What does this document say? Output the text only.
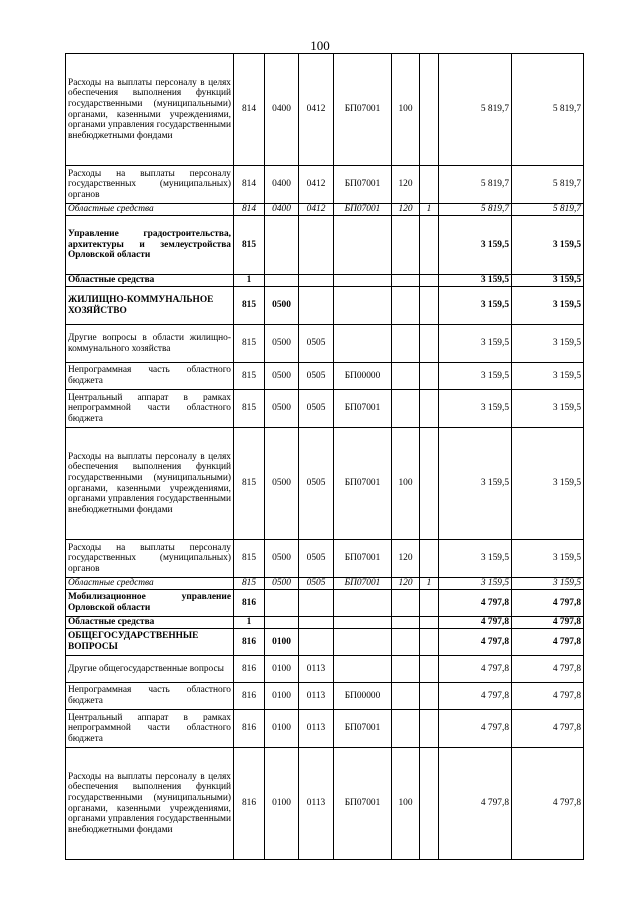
100
Расходы на выплаты персоналу в целях обеспечения выполнения функций государственными (муниципальными) органами, казенными учреждениями, органами управления государственными внебюджетными фондами	814	0400	0412	БП07001	100		5 819,7	5 819,7
Расходы на выплаты персоналу государственных (муниципальных) органов	814	0400	0412	БП07001	120		5 819,7	5 819,7
Областные средства	814	0400	0412	БП07001	120	1	5 819,7	5 819,7
Управление градостроительства, архитектуры и землеустройства Орловской области	815						3 159,5	3 159,5
Областные средства	1						3 159,5	3 159,5
ЖИЛИЩНО-КОММУНАЛЬНОЕ ХОЗЯЙСТВО	815	0500					3 159,5	3 159,5
Другие вопросы в области жилищно-коммунального хозяйства	815	0500	0505				3 159,5	3 159,5
Непрограммная часть областного бюджета	815	0500	0505	БП00000			3 159,5	3 159,5
Центральный аппарат в рамках непрограммной части областного бюджета	815	0500	0505	БП07001			3 159,5	3 159,5
Расходы на выплаты персоналу в целях обеспечения выполнения функций государственными (муниципальными) органами, казенными учреждениями, органами управления государственными внебюджетными фондами	815	0500	0505	БП07001	100		3 159,5	3 159,5
Расходы на выплаты персоналу государственных (муниципальных) органов	815	0500	0505	БП07001	120		3 159,5	3 159,5
Областные средства	815	0500	0505	БП07001	120	1	3 159,5	3 159,5
Мобилизационное управление Орловской области	816						4 797,8	4 797,8
Областные средства	1						4 797,8	4 797,8
ОБЩЕГОСУДАРСТВЕННЫЕ ВОПРОСЫ	816	0100					4 797,8	4 797,8
Другие общегосударственные вопросы	816	0100	0113				4 797,8	4 797,8
Непрограммная часть областного бюджета	816	0100	0113	БП00000			4 797,8	4 797,8
Центральный аппарат в рамках непрограммной части областного бюджета	816	0100	0113	БП07001			4 797,8	4 797,8
Расходы на выплаты персоналу в целях обеспечения выполнения функций государственными (муниципальными) органами, казенными учреждениями, органами управления государственными внебюджетными фондами	816	0100	0113	БП07001	100		4 797,8	4 797,8
